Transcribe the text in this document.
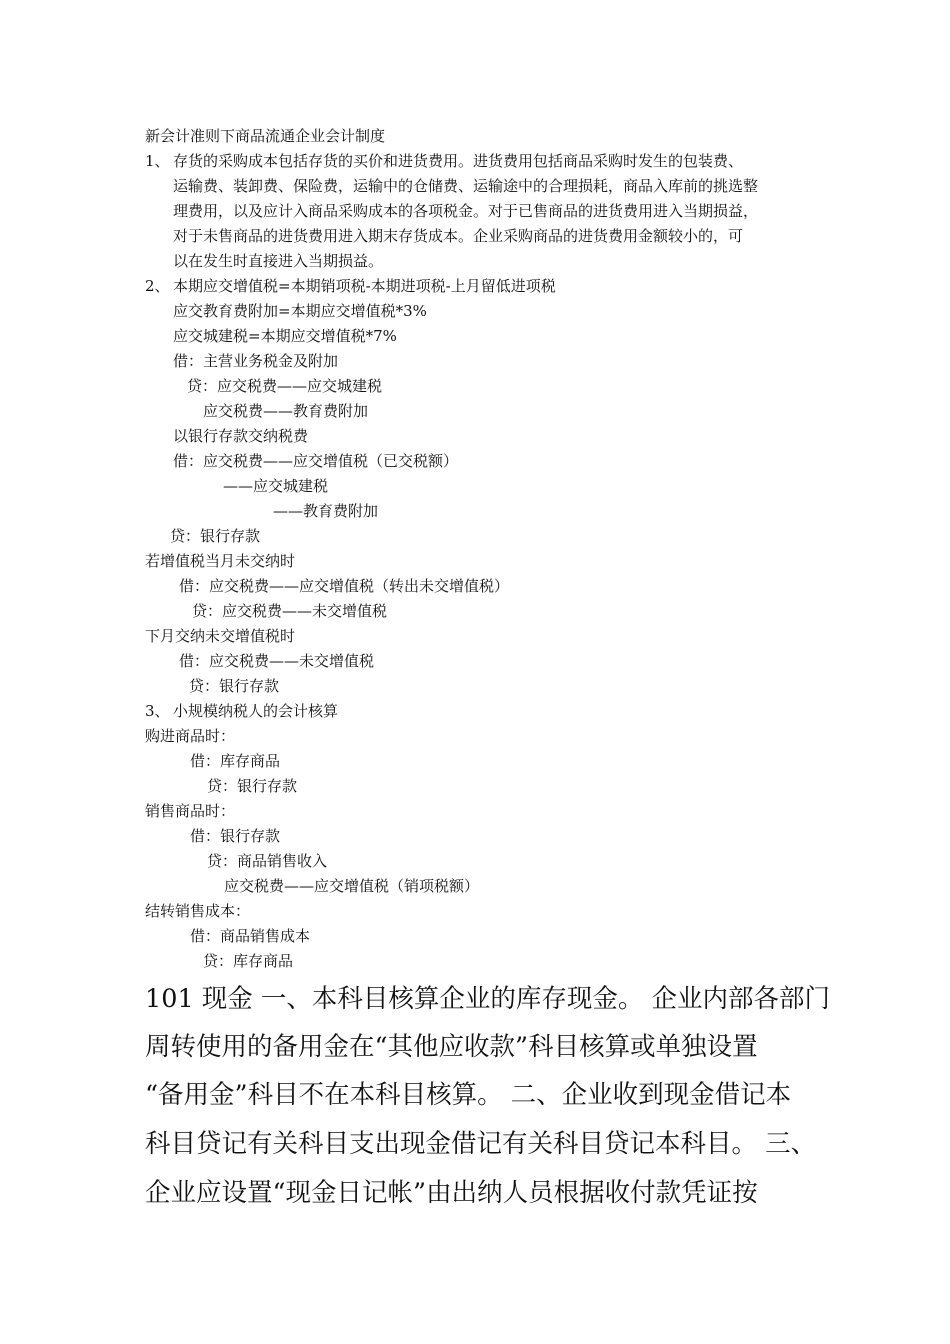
新会计准则下商品流通企业会计制度
1、 存货的采购成本包括存货的买价和进货费用。进货费用包括商品采购时发生的包装费、
运输费、装卸费、保险费，运输中的仓储费、运输途中的合理损耗，商品入库前的挑选整
理费用，以及应计入商品采购成本的各项税金。对于已售商品的进货费用进入当期损益，
对于未售商品的进货费用进入期末存货成本。企业采购商品的进货费用金额较小的，可
以在发生时直接进入当期损益。
2、 本期应交增值税=本期销项税-本期进项税-上月留低进项税
应交教育费附加=本期应交增值税*3%
应交城建税=本期应交增值税*7%
借：主营业务税金及附加
贷：应交税费——应交城建税
应交税费——教育费附加
以银行存款交纳税费
借：应交税费——应交增值税（已交税额）
——应交城建税
——教育费附加
贷：银行存款
若增值税当月未交纳时
借：应交税费——应交增值税（转出未交增值税）
贷：应交税费——未交增值税
下月交纳未交增值税时
借：应交税费——未交增值税
贷：银行存款
3、 小规模纳税人的会计核算
购进商品时：
借：库存商品
贷：银行存款
销售商品时：
借：银行存款
贷：商品销售收入
应交税费——应交增值税（销项税额）
结转销售成本：
借：商品销售成本
贷：库存商品
101 现金 一、本科目核算企业的库存现金。 企业内部各部门
周转使用的备用金在“其他应收款”科目核算或单独设置
“备用金”科目不在本科目核算。 二、企业收到现金借记本
科目贷记有关科目支出现金借记有关科目贷记本科目。 三、
企业应设置“现金日记帐”由出纳人员根据收付款凭证按
